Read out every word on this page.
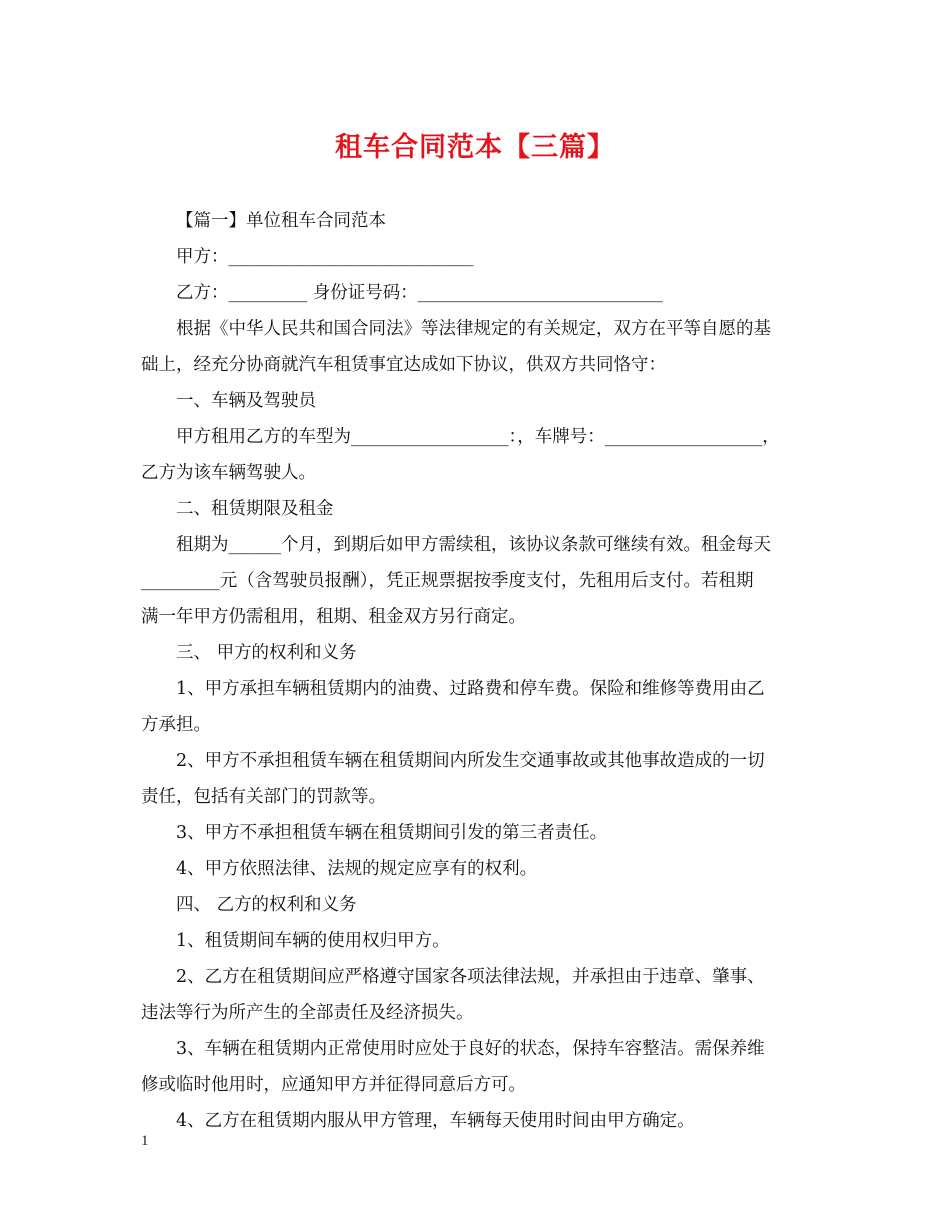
租车合同范本【三篇】

【篇一】单位租车合同范本

甲方：____________________________

乙方：_________ 身份证号码：____________________________

根据《中华人民共和国合同法》等法律规定的有关规定，双方在平等自愿的基

础上，经充分协商就汽车租赁事宜达成如下协议，供双方共同恪守：

一、车辆及驾驶员

甲方租用乙方的车型为__________________：，车牌号：__________________，

乙方为该车辆驾驶人。

二、租赁期限及租金

租期为______个月，到期后如甲方需续租，该协议条款可继续有效。租金每天

_________元（含驾驶员报酬），凭正规票据按季度支付，先租用后支付。若租期

满一年甲方仍需租用，租期、租金双方另行商定。

三、 甲方的权利和义务

1、甲方承担车辆租赁期内的油费、过路费和停车费。保险和维修等费用由乙

方承担。

2、甲方不承担租赁车辆在租赁期间内所发生交通事故或其他事故造成的一切

责任，包括有关部门的罚款等。

3、甲方不承担租赁车辆在租赁期间引发的第三者责任。

4、甲方依照法律、法规的规定应享有的权利。

四、 乙方的权利和义务

1、租赁期间车辆的使用权归甲方。

2、乙方在租赁期间应严格遵守国家各项法律法规，并承担由于违章、肇事、

违法等行为所产生的全部责任及经济损失。

3、车辆在租赁期内正常使用时应处于良好的状态，保持车容整洁。需保养维

修或临时他用时，应通知甲方并征得同意后方可。

4、乙方在租赁期内服从甲方管理，车辆每天使用时间由甲方确定。

1
